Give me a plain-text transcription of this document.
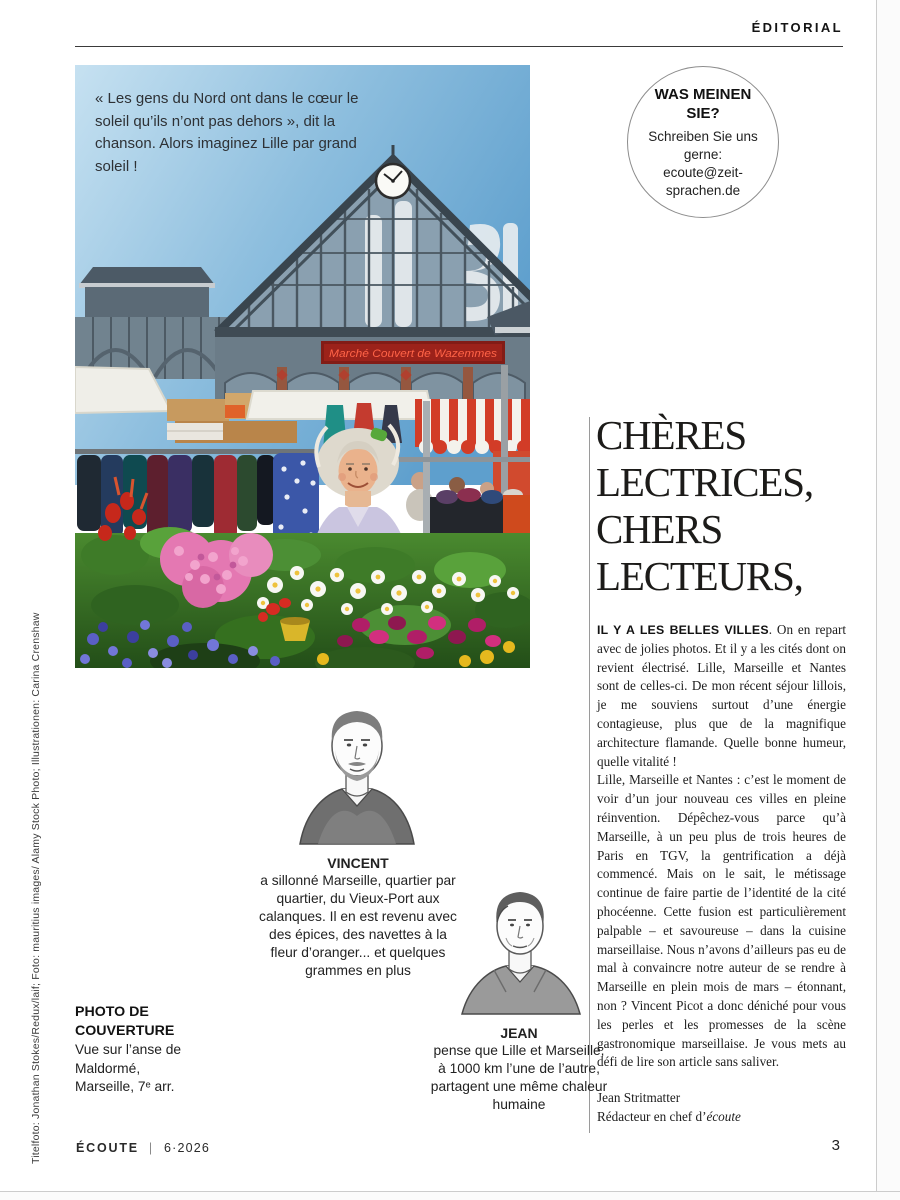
ÉDITORIAL
Marché Couvert de Wazemmes
« Les gens du Nord ont dans le cœur le soleil qu’ils n’ont pas dehors », dit la chanson. Alors imaginez Lille par grand soleil !
WAS MEINEN SIE?
Schreiben Sie uns gerne: ecoute@zeit-sprachen.de
CHÈRES
LECTRICES,
CHERS
LECTEURS,

IL Y A LES BELLES VILLES. On en repart avec de jolies photos. Et il y a les cités dont on revient électrisé. Lille, Marseille et Nantes sont de celles-ci. De mon récent séjour lillois, je me souviens surtout d’une énergie contagieuse, plus que de la magnifique architecture flamande. Quelle bonne humeur, quelle vitalité !

Lille, Marseille et Nantes : c’est le moment de voir d’un jour nouveau ces villes en pleine réinvention. Dépêchez-vous parce qu’à Marseille, à un peu plus de trois heures de Paris en TGV, la gentrification a déjà commencé. Mais on le sait, le métissage continue de faire partie de l’identité de la cité phocéenne. Cette fusion est particulièrement palpable – et savoureuse – dans la cuisine marseillaise. Nous n’avons d’ailleurs pas eu de mal à convaincre notre auteur de se rendre à Marseille en plein mois de mars – étonnant, non ? Vincent Picot a donc déniché pour vous les perles et les promesses de la scène gastronomique marseillaise. Je vous mets au défi de lire son article sans saliver.

Jean Stritmatter
Rédacteur en chef d’écoute
VINCENT
a sillonné Marseille, quartier par quartier, du Vieux-Port aux calanques. Il en est revenu avec des épices, des navettes à la fleur d’oranger... et quelques grammes en plus
JEAN
pense que Lille et Marseille, à 1000 km l’une de l’autre, partagent une même chaleur humaine
PHOTO DE COUVERTURE
Vue sur l’anse de Maldormé, Marseille, 7ᵉ arr.
Titelfoto: Jonathan Stokes/Redux/laif; Foto: mauritius images/ Alamy Stock Photo; Illustrationen: Carina Crenshaw	ÉCOUTE | 6·2026	3
